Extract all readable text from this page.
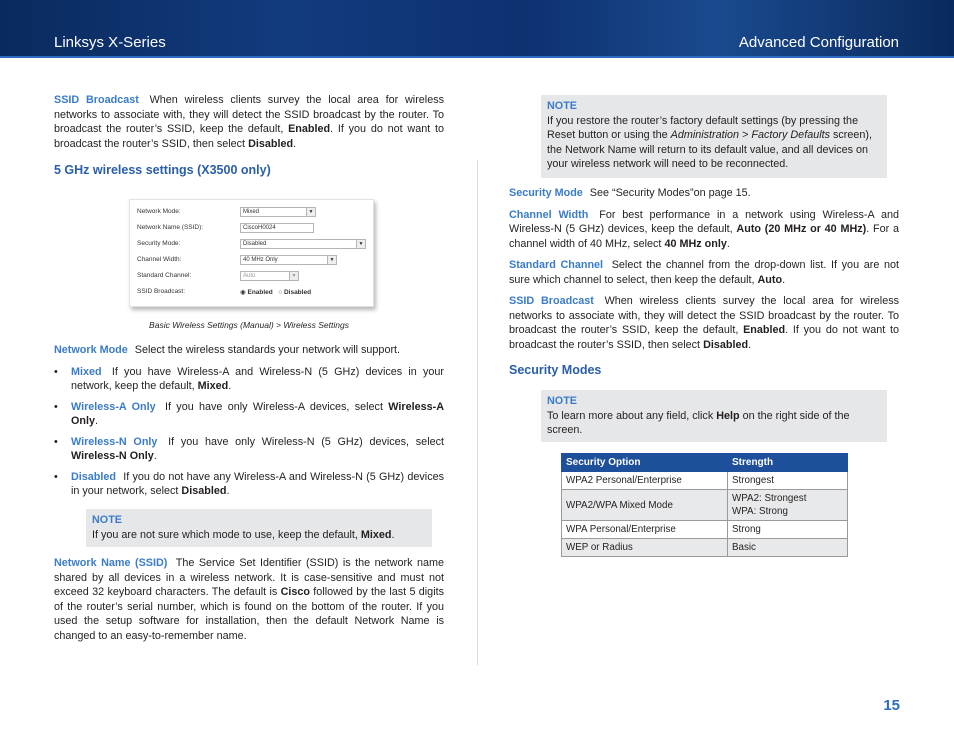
Linksys X-Series	Advanced Configuration

SSID Broadcast When wireless clients survey the local area for wireless networks to associate with, they will detect the SSID broadcast by the router. To broadcast the router’s SSID, keep the default, Enabled. If you do not want to broadcast the router’s SSID, then select Disabled.

5 GHz wireless settings (X3500 only)
Network Mode:	Mixed	▼
Network Name (SSID):	CiscoH0024
Security Mode:	Disabled	▼
Channel Width:	40 MHz Only	▼
Standard Channel:	Auto	▼
SSID Broadcast:	◉ Enabled ○ Disabled
Basic Wireless Settings (Manual) > Wireless Settings

Network Mode Select the wireless standards your network will support.

• Mixed If you have Wireless-A and Wireless-N (5 GHz) devices in your network, keep the default, Mixed.
• Wireless-A Only If you have only Wireless-A devices, select Wireless-A Only.
• Wireless-N Only If you have only Wireless-N (5 GHz) devices, select Wireless-N Only.
• Disabled If you do not have any Wireless-A and Wireless-N (5 GHz) devices in your network, select Disabled.
NOTE
If you are not sure which mode to use, keep the default, Mixed.

Network Name (SSID) The Service Set Identifier (SSID) is the network name shared by all devices in a wireless network. It is case-sensitive and must not exceed 32 keyboard characters. The default is Cisco followed by the last 5 digits of the router’s serial number, which is found on the bottom of the router. If you used the setup software for installation, then the default Network Name is changed to an easy-to-remember name.

NOTE
If you restore the router’s factory default settings (by pressing the Reset button or using the Administration > Factory Defaults screen), the Network Name will return to its default value, and all devices on your wireless network will need to be reconnected.

Security Mode See “Security Modes”on page 15.

Channel Width For best performance in a network using Wireless-A and Wireless-N (5 GHz) devices, keep the default, Auto (20 MHz or 40 MHz). For a channel width of 40 MHz, select 40 MHz only.

Standard Channel Select the channel from the drop-down list. If you are not sure which channel to select, then keep the default, Auto.

SSID Broadcast When wireless clients survey the local area for wireless networks to associate with, they will detect the SSID broadcast by the router. To broadcast the router’s SSID, keep the default, Enabled. If you do not want to broadcast the router’s SSID, then select Disabled.

Security Modes
NOTE
To learn more about any field, click Help on the right side of the screen.
Security Option	Strength
WPA2 Personal/Enterprise	Strongest
WPA2/WPA Mixed Mode	WPA2: Strongest
WPA: Strong
WPA Personal/Enterprise	Strong
WEP or Radius	Basic
15
